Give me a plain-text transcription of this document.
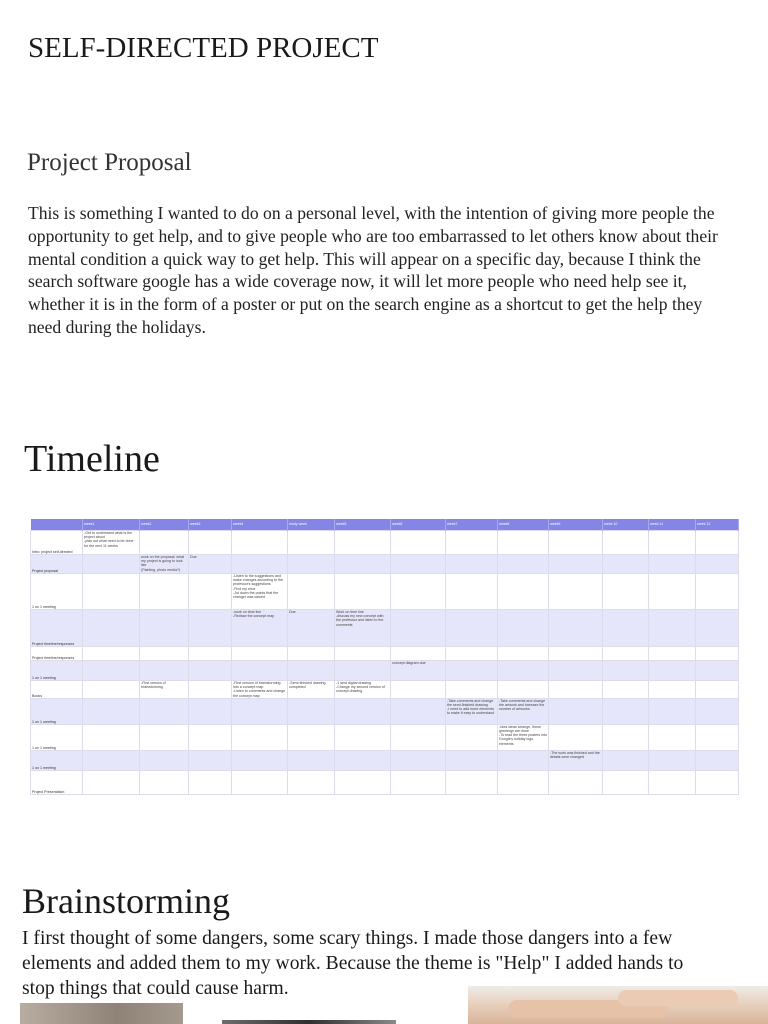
SELF-DIRECTED PROJECT
Project Proposal

This is something I wanted to do on a personal level, with the intention of giving more people the opportunity to get help, and to give people who are too embarrassed to let others know about their mental condition a quick way to get help. This will appear on a specific day, because I think the search software google has a wide coverage now, it will let more people who need help see it, whether it is in the form of a poster or put on the search engine as a shortcut to get the help they need during the holidays.

Timeline
	week1	week2	week3	week4	study week	week5	week6	week7	week8	week9	week 10	week 11	week 12
Intro: project self-directed	-Get to understand what is the project about
-plan out what need to be done for the next 11 weeks												
Project proposal		work on the proposal, what my project is going to look like
(Painting, photo media?)	Due										
1 on 1 meeting				-Listen to the suggestions and make changes according to the professor's suggestions
-Find my error
-Jot down the points that the changer was valued									
Project timeline/responses				-work on time line
-Redraw the concept map	Due	Work on time line
-discuss my new concept with the professor and listen to the comments							
Project timeline/responses													
1 on 1 meeting							concept diagram due						
Books		-First version of brainstorming		-First version of brainstorming into a concept map
-Listen to comments and change the concept map	-Semi-finished drawing completed	-1 sent digital drawing
-Change my second version of concept drawing							
1 on 1 meeting								-Take comments and change the semi-finished drawing
-I need to add more elements to make it easy to understand	-Take comments and change the artwork and increase the number of artworks				
1 on 1 meeting									-Idea ideas arrange, these greetings are done
-To read the three posters into Google's holiday logo elements				
1 on 1 meeting										-The work was finished and the details were changed			
Project Presentation													
Brainstorming

I first thought of some dangers, some scary things. I made those dangers into a few elements and added them to my work. Because the theme is "Help" I added hands to stop things that could cause harm.
